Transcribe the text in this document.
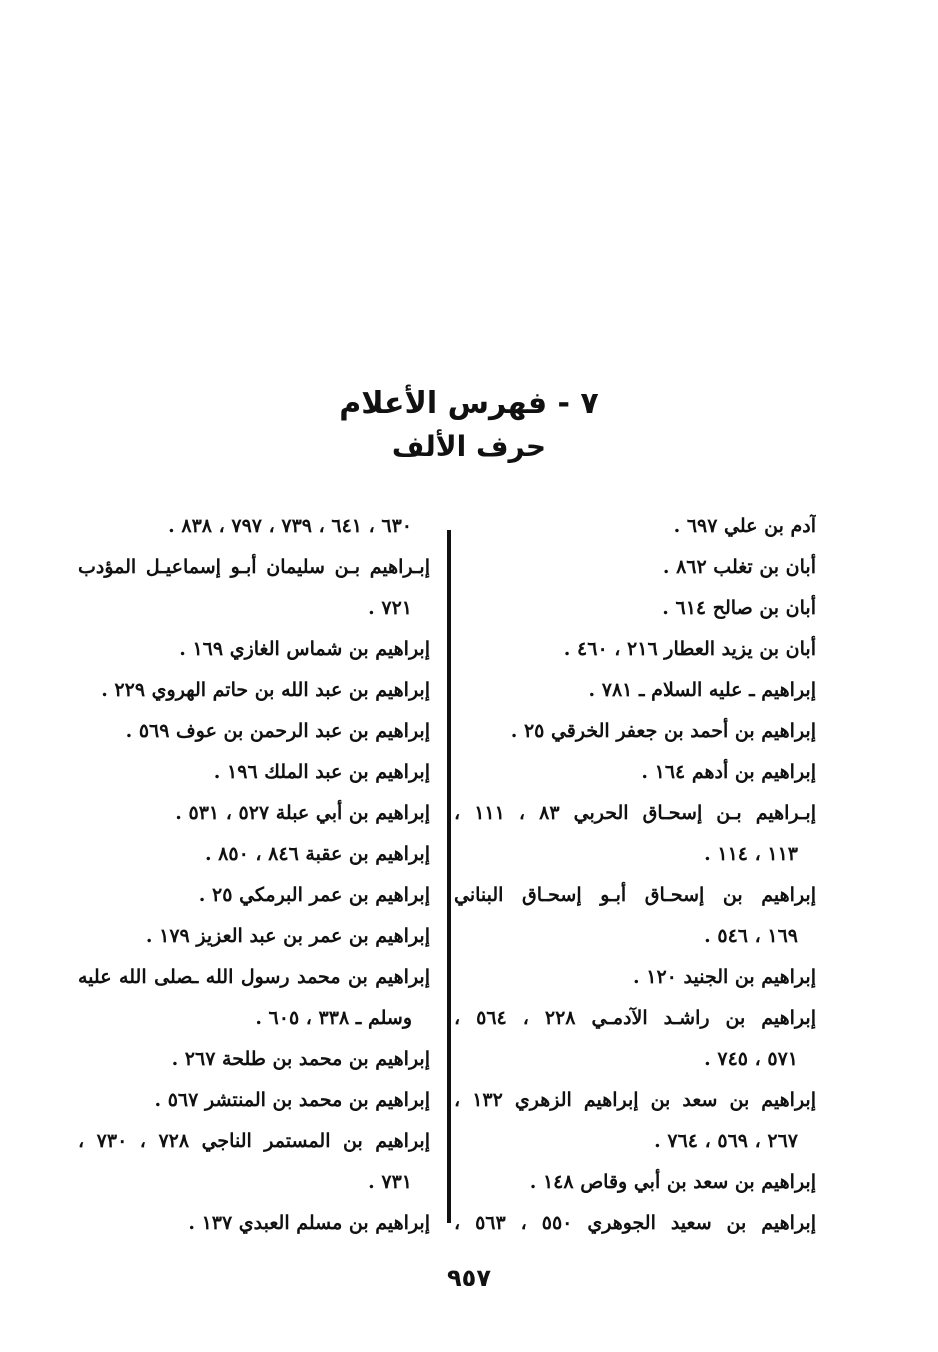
٧ - فهرس الأعلام
حرف الألف
آدم بن علي ٦٩٧ .
أبان بن تغلب ٨٦٢ .
أبان بن صالح ٦١٤ .
أبان بن يزيد العطار ٢١٦ ، ٤٦٠ .
إبراهيم ـ عليه السلام ـ ٧٨١ .
إبراهيم بن أحمد بن جعفر الخرقي ٢٥ .
إبراهيم بن أدهم ١٦٤ .
إبـراهيم بـن إسحـاق الحربي ٨٣ ، ١١١ ،
١١٣ ، ١١٤ .
إبراهيم بن إسحـاق أبـو إسحـاق البناني
١٦٩ ، ٥٤٦ .
إبراهيم بن الجنيد ١٢٠ .
إبراهيم بن راشـد الآدمـي ٢٢٨ ، ٥٦٤ ،
٥٧١ ، ٧٤٥ .
إبراهيم بن سعد بن إبراهيم الزهري ١٣٢ ،
٢٦٧ ، ٥٦٩ ، ٧٦٤ .
إبراهيم بن سعد بن أبي وقاص ١٤٨ .
إبراهيم بن سعيد الجوهري ٥٥٠ ، ٥٦٣ ،
٦٣٠ ، ٦٤١ ، ٧٣٩ ، ٧٩٧ ، ٨٣٨ .
إبـراهيم بـن سليمان أبـو إسماعيـل المؤدب
٧٢١ .
إبراهيم بن شماس الغازي ١٦٩ .
إبراهيم بن عبد الله بن حاتم الهروي ٢٢٩ .
إبراهيم بن عبد الرحمن بن عوف ٥٦٩ .
إبراهيم بن عبد الملك ١٩٦ .
إبراهيم بن أبي عبلة ٥٢٧ ، ٥٣١ .
إبراهيم بن عقبة ٨٤٦ ، ٨٥٠ .
إبراهيم بن عمر البرمكي ٢٥ .
إبراهيم بن عمر بن عبد العزيز ١٧٩ .
إبراهيم بن محمد رسول الله ـصلى الله عليه
وسلم ـ ٣٣٨ ، ٦٠٥ .
إبراهيم بن محمد بن طلحة ٢٦٧ .
إبراهيم بن محمد بن المنتشر ٥٦٧ .
إبراهيم بن المستمر الناجي ٧٢٨ ، ٧٣٠ ،
٧٣١ .
إبراهيم بن مسلم العبدي ١٣٧ .
٩٥٧
